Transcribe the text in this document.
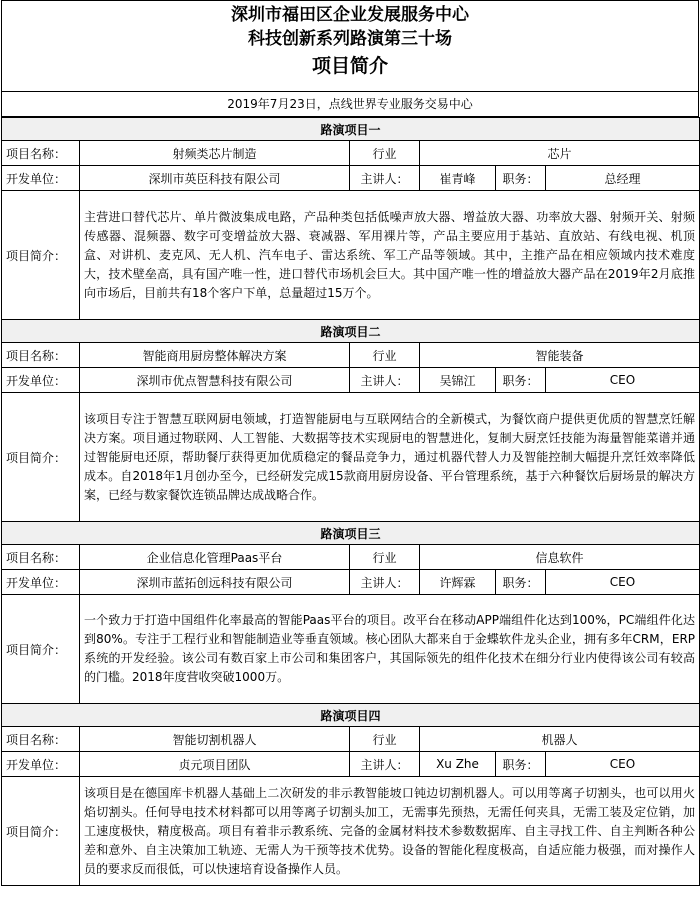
深圳市福田区企业发展服务中心
科技创新系列路演第三十场
项目简介
2019年7月23日，点线世界专业服务交易中心
路演项目一					
项目名称：	射频类芯片制造	行业	芯片		
开发单位：	深圳市英臣科技有限公司	主讲人：	崔青峰	职务：	总经理
项目简介：	主营进口替代芯片、单片微波集成电路，产品种类包括低噪声放大器、增益放大器、功率放大器、射频开关、射频传感器、混频器、数字可变增益放大器、衰减器、军用裸片等，产品主要应用于基站、直放站、有线电视、机顶盒、对讲机、麦克风、无人机、汽车电子、雷达系统、军工产品等领域。其中，主推产品在相应领域内技术难度大，技术壁垒高，具有国产唯一性，进口替代市场机会巨大。其中国产唯一性的增益放大器产品在2019年2月底推向市场后，目前共有18个客户下单，总量超过15万个。				
路演项目二					
项目名称：	智能商用厨房整体解决方案	行业	智能装备		
开发单位：	深圳市优点智慧科技有限公司	主讲人：	吴锦江	职务：	CEO
项目简介：	该项目专注于智慧互联网厨电领域，打造智能厨电与互联网结合的全新模式，为餐饮商户提供更优质的智慧烹饪解决方案。项目通过物联网、人工智能、大数据等技术实现厨电的智慧进化，复制大厨烹饪技能为海量智能菜谱并通过智能厨电还原，帮助餐厅获得更加优质稳定的餐品竞争力，通过机器代替人力及智能控制大幅提升烹饪效率降低成本。自2018年1月创办至今，已经研发完成15款商用厨房设备、平台管理系统，基于六种餐饮后厨场景的解决方案，已经与数家餐饮连锁品牌达成战略合作。				
路演项目三					
项目名称：	企业信息化管理Paas平台	行业	信息软件		
开发单位：	深圳市蓝拓创远科技有限公司	主讲人：	许辉霖	职务：	CEO
项目简介：	一个致力于打造中国组件化率最高的智能Paas平台的项目。改平台在移动APP端组件化达到100%，PC端组件化达到80%。专注于工程行业和智能制造业等垂直领域。核心团队大都来自于金蝶软件龙头企业，拥有多年CRM，ERP系统的开发经验。该公司有数百家上市公司和集团客户，其国际领先的组件化技术在细分行业内使得该公司有较高的门槛。2018年度营收突破1000万。				
路演项目四					
项目名称：	智能切割机器人	行业	机器人		
开发单位：	贞元项目团队	主讲人：	Xu Zhe	职务：	CEO
项目简介：	该项目是在德国库卡机器人基础上二次研发的非示教智能坡口钝边切割机器人。可以用等离子切割头，也可以用火焰切割头。任何导电技术材料都可以用等离子切割头加工，无需事先预热，无需任何夹具，无需工装及定位销，加工速度极快，精度极高。项目有着非示教系统、完备的金属材料技术参数数据库、自主寻找工件、自主判断各种公差和意外、自主决策加工轨迹、无需人为干预等技术优势。设备的智能化程度极高，自适应能力极强，而对操作人员的要求反而很低，可以快速培育设备操作人员。				
